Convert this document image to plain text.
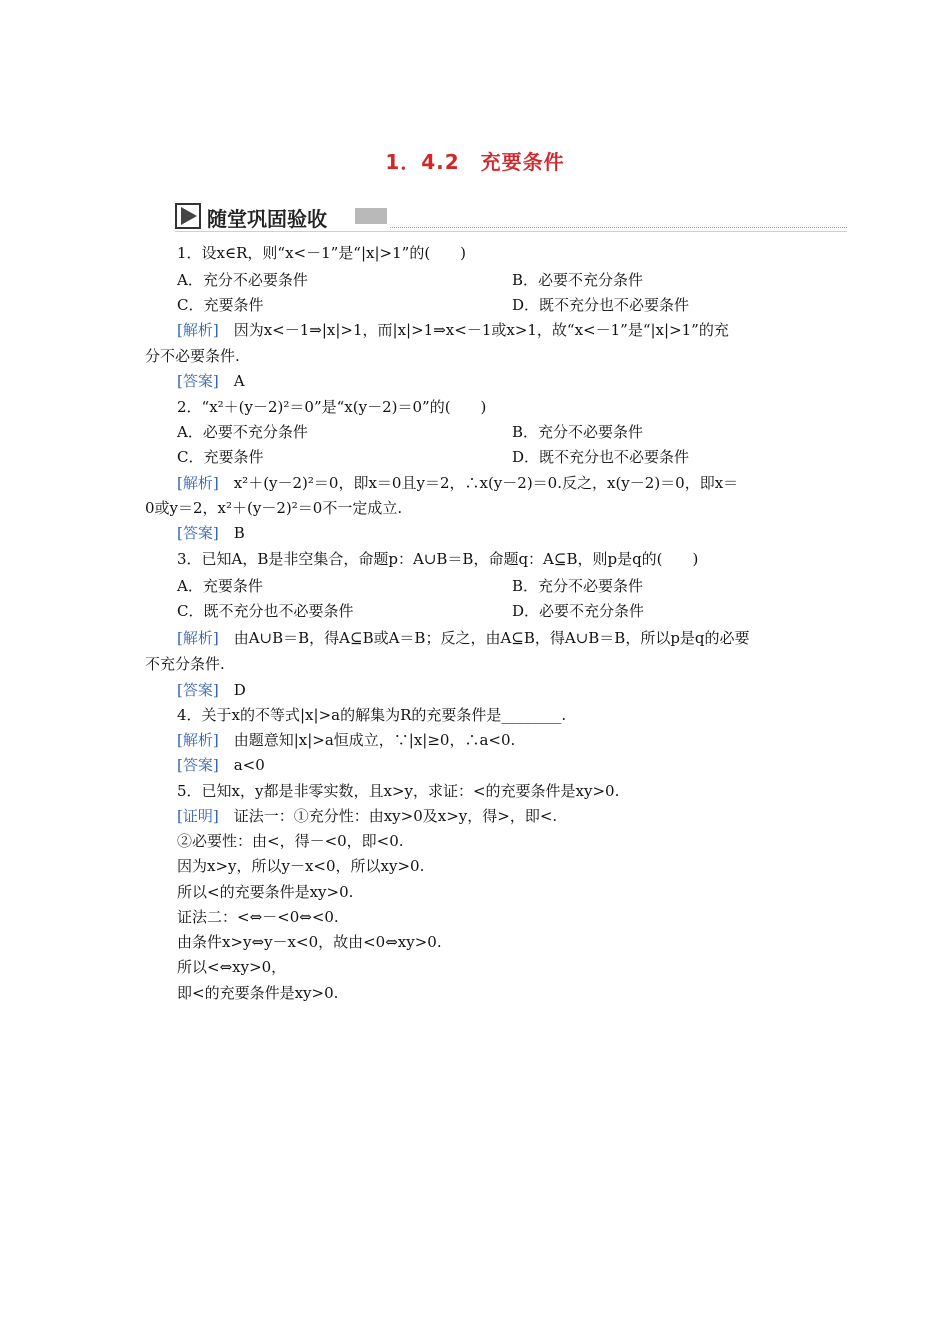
1．4.2　充要条件
随堂巩固验收
1．设x∈R，则“x<－1”是“|x|>1”的(　　)
A．充分不必要条件	B．必要不充分条件
C．充要条件	D．既不充分也不必要条件
[解析]　因为x<－1⇒|x|>1，而|x|>1⇒x<－1或x>1，故“x<－1”是“|x|>1”的充
分不必要条件.
[答案]　A
2．“x²＋(y－2)²＝0”是“x(y－2)＝0”的(　　)
A．必要不充分条件	B．充分不必要条件
C．充要条件	D．既不充分也不必要条件
[解析]　x²＋(y－2)²＝0，即x＝0且y＝2，∴x(y－2)＝0.反之，x(y－2)＝0，即x＝
0或y＝2，x²＋(y－2)²＝0不一定成立.
[答案]　B
3．已知A，B是非空集合，命题p：A∪B＝B，命题q：A⊆B，则p是q的(　　)
A．充要条件	B．充分不必要条件
C．既不充分也不必要条件	D．必要不充分条件
[解析]　由A∪B＝B，得A⊆B或A＝B；反之，由A⊆B，得A∪B＝B，所以p是q的必要
不充分条件.
[答案]　D
4．关于x的不等式|x|>a的解集为R的充要条件是________.
[解析]　由题意知|x|>a恒成立，∵|x|≥0，∴a<0.
[答案]　a<0
5．已知x，y都是非零实数，且x>y，求证：<的充要条件是xy>0.
[证明]　证法一：①充分性：由xy>0及x>y，得>，即<.
②必要性：由<，得－<0，即<0.
因为x>y，所以y－x<0，所以xy>0.
所以<的充要条件是xy>0.
证法二：<⇔－<0⇔<0.
由条件x>y⇔y－x<0，故由<0⇔xy>0.
所以<⇔xy>0，
即<的充要条件是xy>0.
